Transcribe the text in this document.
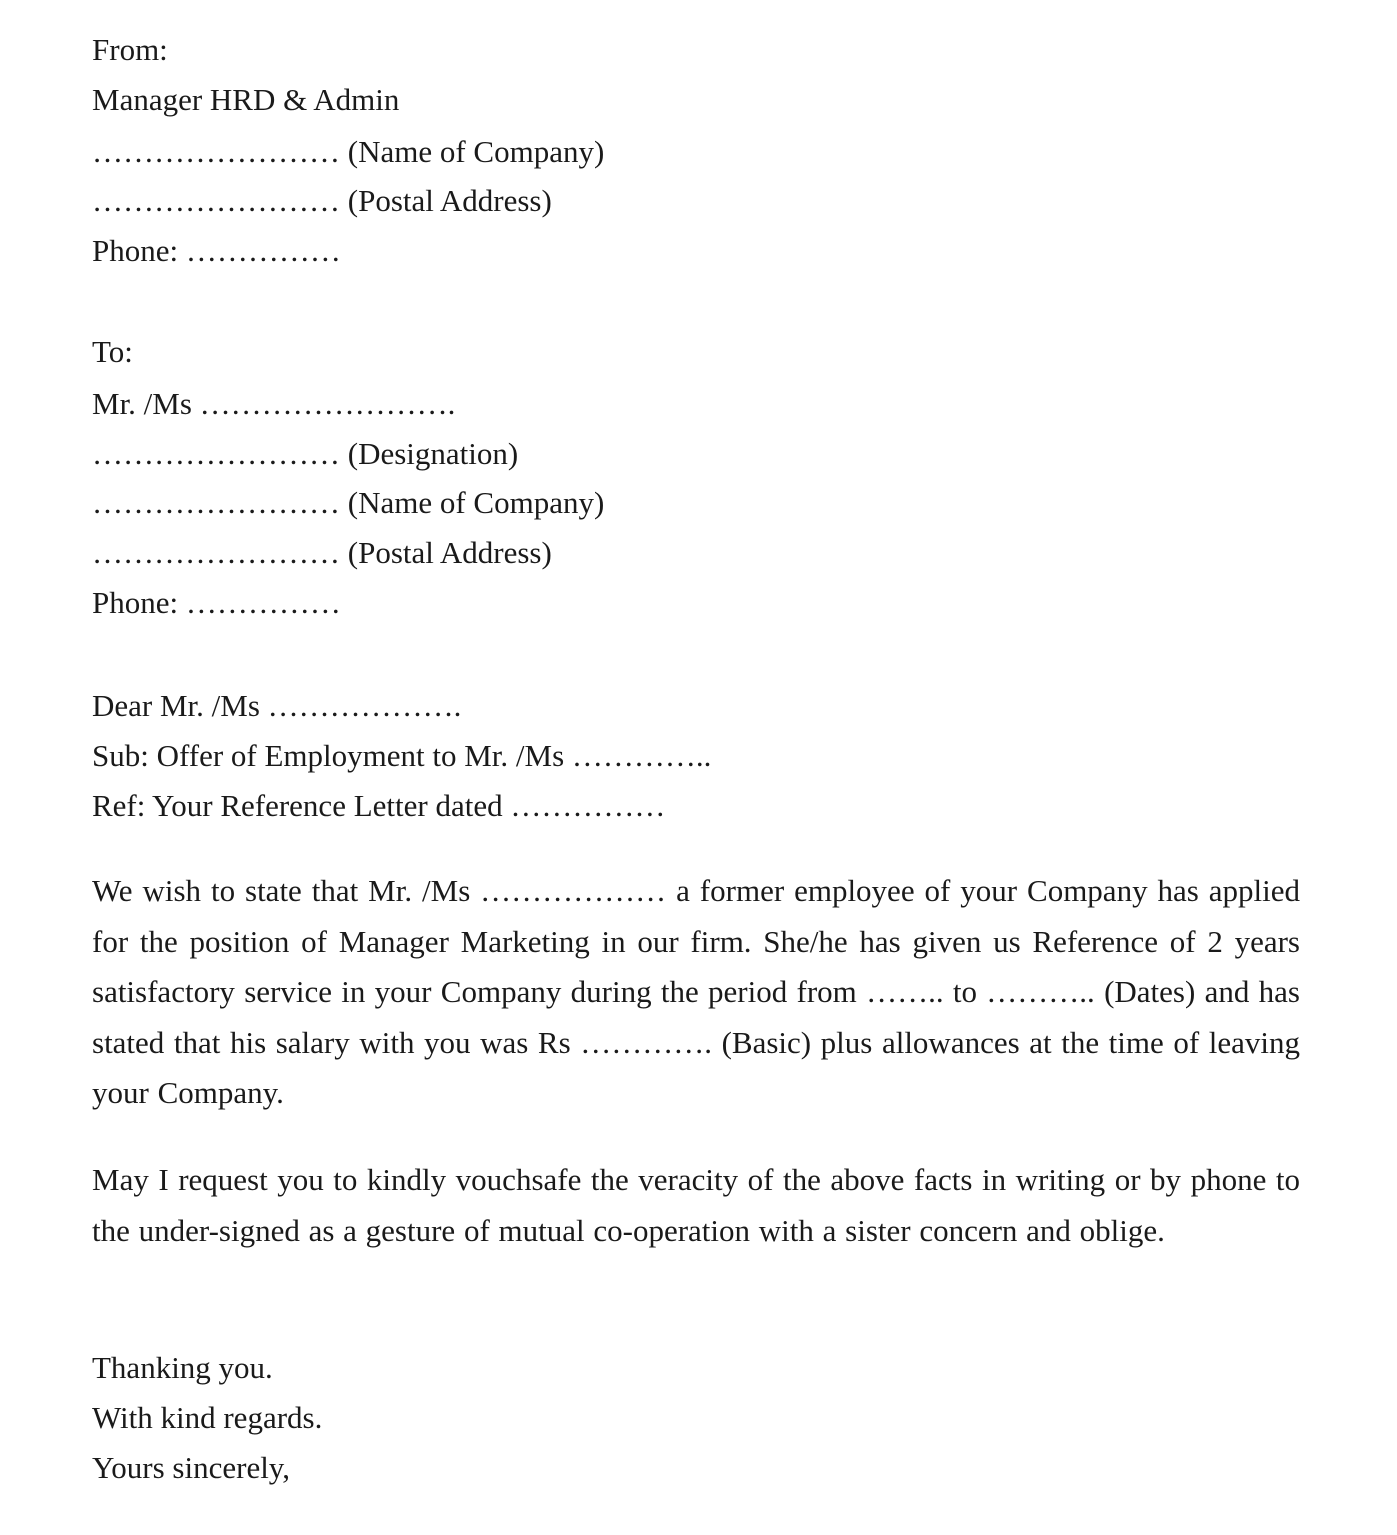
From:
Manager HRD & Admin
…………………… (Name of Company)
…………………… (Postal Address)
Phone: ……………
To:
Mr. /Ms …………………….
…………………… (Designation)
…………………… (Name of Company)
…………………… (Postal Address)
Phone: ……………
Dear Mr. /Ms ……………….
Sub: Offer of Employment to Mr. /Ms …………..
Ref: Your Reference Letter dated ……………
We wish to state that Mr. /Ms ……………… a former employee of your Company has applied for the position of Manager Marketing in our firm. She/he has given us Reference of 2 years satisfactory service in your Company during the period from …….. to ……….. (Dates) and has stated that his salary with you was Rs …………. (Basic) plus allowances at the time of leaving your Company.
May I request you to kindly vouchsafe the veracity of the above facts in writing or by phone to the under-signed as a gesture of mutual co-operation with a sister concern and oblige.
Thanking you.
With kind regards.
Yours sincerely,
